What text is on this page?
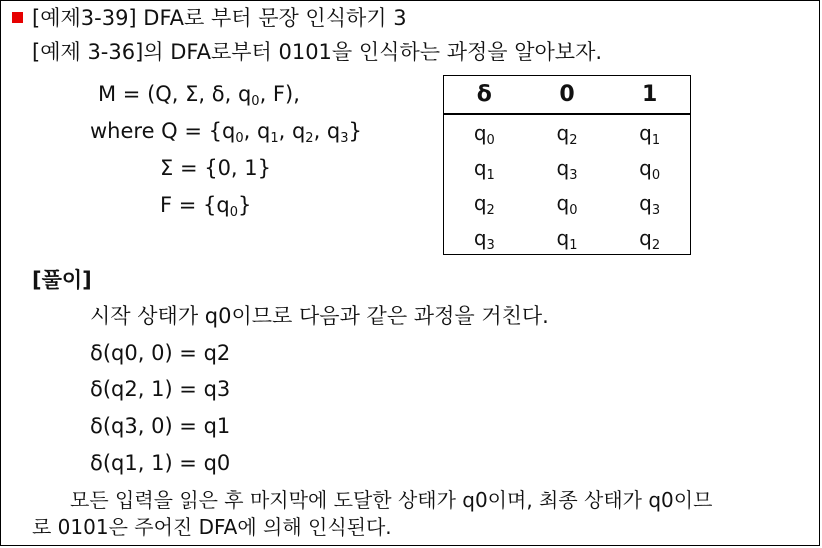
[예제3-39] DFA로 부터 문장 인식하기 3
[예제 3-36]의 DFA로부터 0101을 인식하는 과정을 알아보자.
M = (Q, Σ, δ, $q_0$, F),
where $Q = \{q_0$, $q_1$, $q_2$, $q_3$}
Σ = {0, 1}
$F = \{q_0\}$
δ	0	1
$q_0$	$q_2$	$q_1$
$q_1$	$q_3$	$q_0$
$q_2$	$q_0$	$q_3$
$q_3$	$q_1$	$q_2$
[풀이]
시작 상태가 q0이므로 다음과 같은 과정을 거친다.
δ(q0, 0) = q2
δ(q2, 1) = q3
δ(q3, 0) = q1
δ(q1, 1) = q0
모든 입력을 읽은 후 마지막에 도달한 상태가 q0이며, 최종 상태가 q0이므
로 0101은 주어진 DFA에 의해 인식된다.
